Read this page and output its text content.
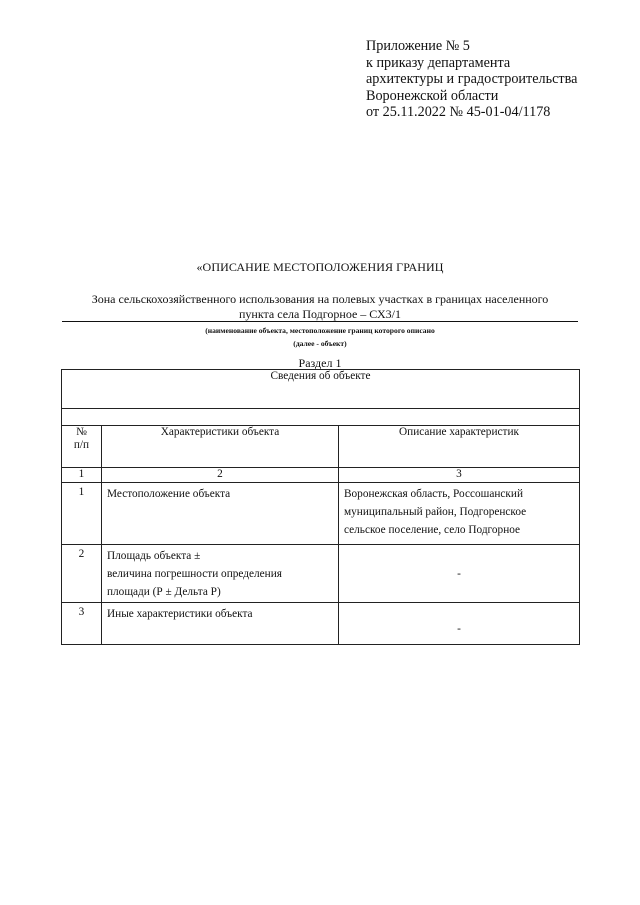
Приложение № 5
к приказу департамента
архитектуры и градостроительства
Воронежской области
от 25.11.2022 № 45-01-04/1178
«ОПИСАНИЕ МЕСТОПОЛОЖЕНИЯ ГРАНИЦ
Зона сельскохозяйственного использования на полевых участках в границах населенного
пункта села Подгорное – СХ3/1
(наименование объекта, местоположение границ которого описано
(далее - объект)
Раздел 1
Сведения об объекте		

№
п/п	Характеристики объекта	Описание характеристик
1	2	3
1	Местоположение объекта	Воронежская область, Россошанский
муниципальный район, Подгоренское
сельское поселение, село Подгорное

2	Площадь объекта ±
величина погрешности определения
площади (Р ± Дельта Р)	-
3	Иные характеристики объекта	-
